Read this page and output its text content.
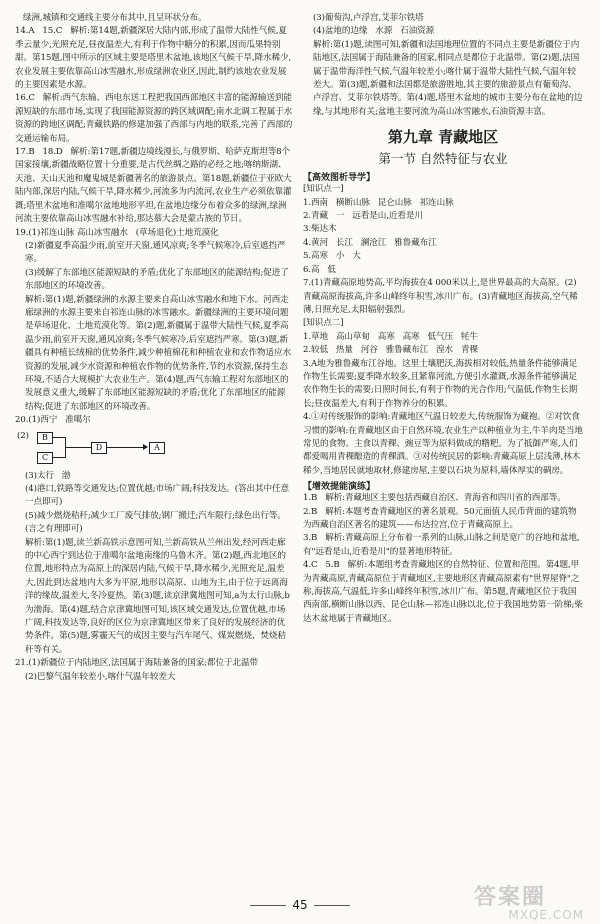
绿洲,城镇和交通线主要分布其中,且呈环状分布。

14.A   15.C   解析:第14题,新疆深居大陆内部,形成了温带大陆性气候,夏季云量少,光照充足,昼夜温差大,有利于作物中糖分的积累,因而瓜果特别甜。第15题,图中所示的区域主要是塔里木盆地,该地区气候干旱,降水稀少,农业发展主要依靠高山冰雪融水,形成绿洲农业区,因此,制约该地农业发展的主要因素是水源。

16.C   解析:西气东输、西电东送工程把我国西部地区丰富的能源输送到能源短缺的东部市场,实现了我国能源资源的跨区域调配;南水北调工程属于水资源的跨地区调配;青藏铁路的修建加强了西部与内地的联系,完善了西部的交通运输布局。

17.B   18.D   解析:第17题,新疆边境线漫长,与俄罗斯、哈萨克斯坦等8个国家接壤,新疆战略位置十分重要,是古代丝绸之路的必经之地;喀纳斯湖、天池、天山天池和魔鬼城是新疆著名的旅游景点。第18题,新疆位于亚欧大陆内部,深居内陆,气候干旱,降水稀少,河流多为内流河,农业生产必须依靠灌溉;塔里木盆地和准噶尔盆地地形平坦,在盆地边缘分布着众多的绿洲,绿洲河流主要依靠高山冰雪融水补给,那达慕大会是蒙古族的节日。

19.(1)祁连山脉 高山冰雪融水   (草场退化)土地荒漠化

(2)新疆夏季高温少雨,前室开天窗,通风凉爽;冬季气候寒冷,后室遮挡严寒。

(3)缓解了东部地区能源短缺的矛盾;优化了东部地区的能源结构;促进了东部地区的环境改善。

解析:第(1)题,新疆绿洲的水源主要来自高山冰雪融水和地下水。河西走廊绿洲的水源主要来自祁连山脉的冰雪融水。新疆绿洲的主要环境问题是草场退化、土地荒漠化等。第(2)题,新疆属于温带大陆性气候,夏季高温少雨,前室开天窗,通风凉爽;冬季气候寒冷,后室遮挡严寒。第(3)题,新疆具有种植长绒棉的优势条件,减少种植棉花和种植农业和农作物适应水资源的发展,减少水资源和种植农作物的优势条件,节约水资源,保持生态环境,不适合大规模扩大农业生产。第(4)题,西气东输工程对东部地区的发展意义重大,缓解了东部地区能源短缺的矛盾;优化了东部地区的能源结构;促进了东部地区的环境改善。

20.(1)西宁   准噶尔

(2)	B
C
D	A

(3)太行   渤

(4)港口,铁路等交通发达;位置优越;市场广阔;科技发达。(答出其中任意一点即可)

(5)减少燃烧秸秆;减少工厂废气排放;钢厂搬迁;汽车限行;绿色出行等。(言之有理即可)

解析:第(1)题,读兰新高铁示意图可知,兰新高铁从兰州出发,经河西走廊的中心西宁到达位于准噶尔盆地南缘的乌鲁木齐。第(2)题,西北地区的位置,地形特点为高原上的深居内陆,气候干旱,降水稀少,光照充足,温差大,因此到达盆地内大多为平原,地形以高原、山地为主,由于位于远离海洋的缘故,温差大,冬冷夏热。第(3)题,读京津冀地图可知,a为太行山脉,b为渤海。第(4)题,结合京津冀地图可知,该区域交通发达,位置优越,市场广阔,科技发达等,良好的区位为京津冀地区带来了良好的发展经济的优势条件。第(5)题,雾霾天气的成因主要与汽车尾气、煤炭燃烧、焚烧秸秆等有关。

21.(1)新疆位于内陆地区,法国属于海陆兼备的国家;都位于北温带

(2)巴黎气温年较差小,喀什气温年较差大

(3)葡萄沟,卢浮宫,艾菲尔铁塔

(4)盆地的边缘   水源   石油资源

解析:第(1)题,读图可知,新疆和法国地理位置的不同点主要是新疆位于内陆地区,法国属于海陆兼备的国家,相同点是都位于北温带。第(2)题,法国属于温带海洋性气候,气温年较差小;喀什属于温带大陆性气候,气温年较差大。第(3)题,新疆和法国都是旅游胜地,其主要的旅游景点有葡萄沟、卢浮宫、艾菲尔铁塔等。第(4)题,塔里木盆地的城市主要分布在盆地的边缘,与其地形有关;盆地主要河流为高山冰雪融水,石油资源丰富。

第九章 青藏地区
第一节 自然特征与农业
【高效图析导学】
[知识点一]

1.西南   横断山脉   昆仑山脉   祁连山脉

2.青藏   一   远看是山,近看是川

3.柴达木

4.黄河   长江   澜沧江   雅鲁藏布江

5.高寒   小   大

6.高   低

7.(1)青藏高原地势高,平均海拔在4 000米以上,是世界最高的大高原。(2)青藏高原海拔高,许多山峰终年积雪,冰川广布。(3)青藏地区海拔高,空气稀薄,日照充足,太阳辐射强烈。

[知识点二]

1.草地   高山草甸   高寒   高寒   低气压   牦牛

2.较低   热量   河谷   雅鲁藏布江   湟水   青稞

3.A地为雅鲁藏布江谷地。这里土壤肥沃,海拔相对较低,热量条件能够满足作物生长需要;夏季降水较多,且紧靠河流,方便引水灌溉,水源条件能够满足农作物生长的需要;日照时间长,有利于作物的光合作用;气温低,作物生长期长;昼夜温差大,有利于作物养分的积累。

4.①对传统服饰的影响:青藏地区气温日较差大,传统服饰为藏袍。②对饮食习惯的影响:在青藏地区由于自然环境,农业生产以种植业为主,牛羊肉是当地常见的食物。主食以青稞、豌豆等为原料做成的糌粑。为了抵御严寒,人们都爱喝用青稞酿造的青稞酒。③对传统民居的影响:青藏高原上层浅薄,林木稀少,当地居民就地取材,修建房屋,主要以石块为原料,墙体厚实的碉房。

【增效提能演练】

1.B   解析:青藏地区主要包括西藏自治区、青海省和四川省的西部等。

2.B   解析:本题考查青藏地区的著名景观。50元面值人民币背面的建筑物为西藏自治区著名的建筑——布达拉宫,位于青藏高原上。

3.B   解析:青藏高原上分布着一系列的山脉,山脉之间是宽广的谷地和盆地,有"远看是山,近看是川"的显著地形特征。

4.C   5.B   解析:本题组考查青藏地区的自然特征、位置和范围。第4题,甲为青藏高原,青藏高原位于青藏地区,主要地形区青藏高原素有"世界屋脊"之称,海拔高,气温低,许多山峰终年积雪,冰川广布。第5题,青藏地区位于我国西南部,横断山脉以西、昆仑山脉—祁连山脉以北,位于我国地势第一阶梯;柴达木盆地属于青藏地区。

45	答案圈
MXQE.COM
